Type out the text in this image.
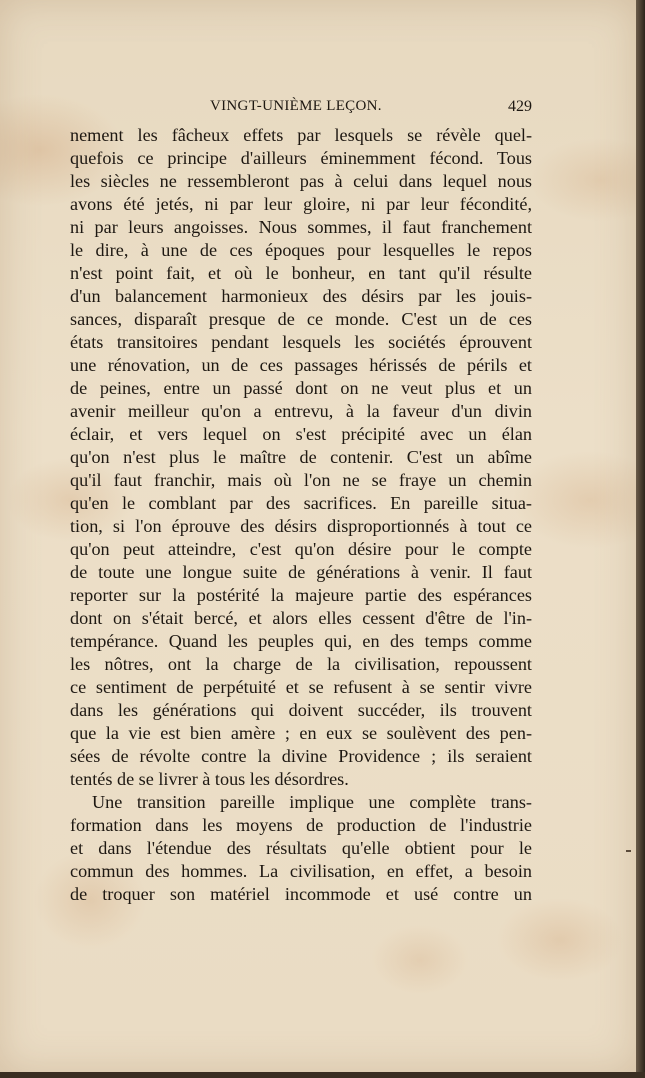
VINGT-UNIÈME LEÇON.	429
nement les fâcheux effets par lesquels se révèle quel-
quefois ce principe d'ailleurs éminemment fécond. Tous
les siècles ne ressembleront pas à celui dans lequel nous
avons été jetés, ni par leur gloire, ni par leur fécondité,
ni par leurs angoisses. Nous sommes, il faut franchement
le dire, à une de ces époques pour lesquelles le repos
n'est point fait, et où le bonheur, en tant qu'il résulte
d'un balancement harmonieux des désirs par les jouis-
sances, disparaît presque de ce monde. C'est un de ces
états transitoires pendant lesquels les sociétés éprouvent
une rénovation, un de ces passages hérissés de périls et
de peines, entre un passé dont on ne veut plus et un
avenir meilleur qu'on a entrevu, à la faveur d'un divin
éclair, et vers lequel on s'est précipité avec un élan
qu'on n'est plus le maître de contenir. C'est un abîme
qu'il faut franchir, mais où l'on ne se fraye un chemin
qu'en le comblant par des sacrifices. En pareille situa-
tion, si l'on éprouve des désirs disproportionnés à tout ce
qu'on peut atteindre, c'est qu'on désire pour le compte
de toute une longue suite de générations à venir. Il faut
reporter sur la postérité la majeure partie des espérances
dont on s'était bercé, et alors elles cessent d'être de l'in-
tempérance. Quand les peuples qui, en des temps comme
les nôtres, ont la charge de la civilisation, repoussent
ce sentiment de perpétuité et se refusent à se sentir vivre
dans les générations qui doivent succéder, ils trouvent
que la vie est bien amère ; en eux se soulèvent des pen-
sées de révolte contre la divine Providence ; ils seraient
tentés de se livrer à tous les désordres.
Une transition pareille implique une complète trans-
formation dans les moyens de production de l'industrie
et dans l'étendue des résultats qu'elle obtient pour le
commun des hommes. La civilisation, en effet, a besoin
de troquer son matériel incommode et usé contre un
